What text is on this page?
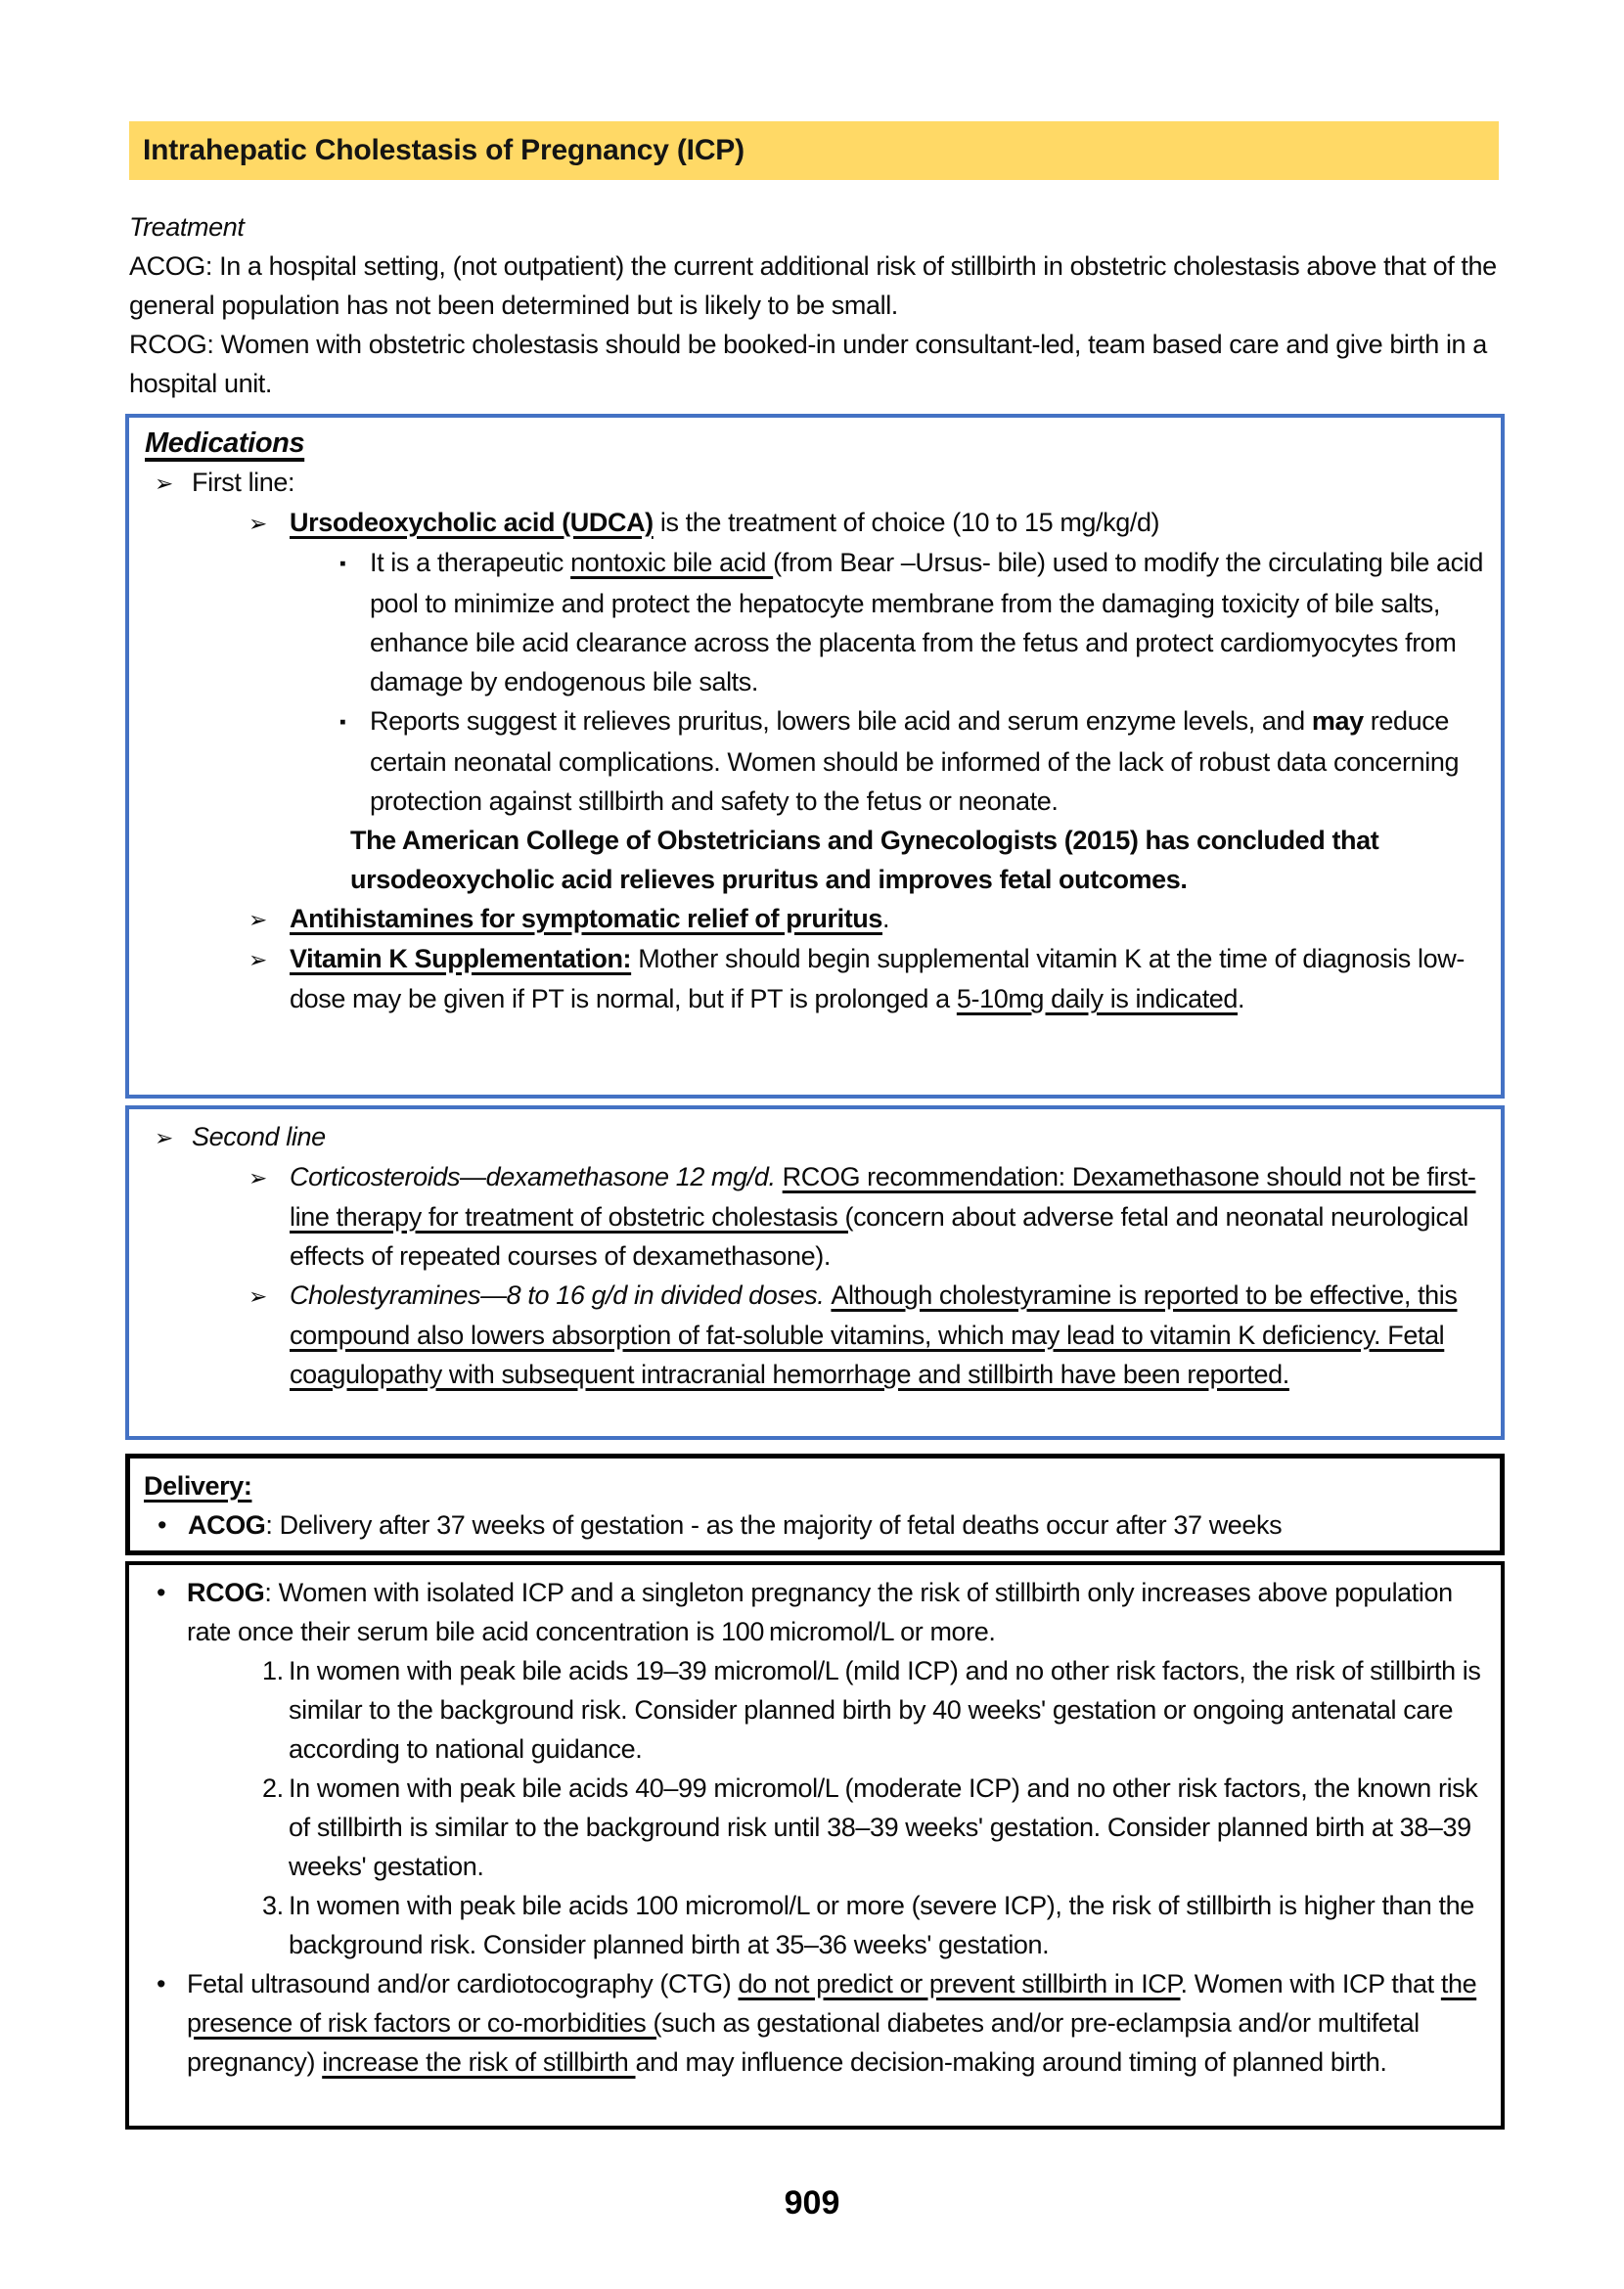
Intrahepatic Cholestasis of Pregnancy (ICP)
Treatment
ACOG: In a hospital setting, (not outpatient) the current additional risk of stillbirth in obstetric cholestasis above that of the general population has not been determined but is likely to be small.
RCOG: Women with obstetric cholestasis should be booked-in under consultant-led, team based care and give birth in a hospital unit.
Medications
➢ First line:
➢ Ursodeoxycholic acid (UDCA) is the treatment of choice (10 to 15 mg/kg/d)
▪ It is a therapeutic nontoxic bile acid (from Bear –Ursus- bile) used to modify the circulating bile acid pool to minimize and protect the hepatocyte membrane from the damaging toxicity of bile salts, enhance bile acid clearance across the placenta from the fetus and protect cardiomyocytes from damage by endogenous bile salts.
▪ Reports suggest it relieves pruritus, lowers bile acid and serum enzyme levels, and may reduce certain neonatal complications. Women should be informed of the lack of robust data concerning protection against stillbirth and safety to the fetus or neonate.
The American College of Obstetricians and Gynecologists (2015) has concluded that ursodeoxycholic acid relieves pruritus and improves fetal outcomes.
➢ Antihistamines for symptomatic relief of pruritus.
➢ Vitamin K Supplementation: Mother should begin supplemental vitamin K at the time of diagnosis low-dose may be given if PT is normal, but if PT is prolonged a 5-10mg daily is indicated.
➢ Second line
➢ Corticosteroids—dexamethasone 12 mg/d. RCOG recommendation: Dexamethasone should not be first-line therapy for treatment of obstetric cholestasis (concern about adverse fetal and neonatal neurological effects of repeated courses of dexamethasone).
➢ Cholestyramines—8 to 16 g/d in divided doses. Although cholestyramine is reported to be effective, this compound also lowers absorption of fat-soluble vitamins, which may lead to vitamin K deficiency. Fetal coagulopathy with subsequent intracranial hemorrhage and stillbirth have been reported.
Delivery:
• ACOG: Delivery after 37 weeks of gestation - as the majority of fetal deaths occur after 37 weeks
• RCOG: Women with isolated ICP and a singleton pregnancy the risk of stillbirth only increases above population rate once their serum bile acid concentration is 100 micromol/L or more.
1. In women with peak bile acids 19–39 micromol/L (mild ICP) and no other risk factors, the risk of stillbirth is similar to the background risk. Consider planned birth by 40 weeks' gestation or ongoing antenatal care according to national guidance.
2. In women with peak bile acids 40–99 micromol/L (moderate ICP) and no other risk factors, the known risk of stillbirth is similar to the background risk until 38–39 weeks' gestation. Consider planned birth at 38–39 weeks' gestation.
3. In women with peak bile acids 100 micromol/L or more (severe ICP), the risk of stillbirth is higher than the background risk. Consider planned birth at 35–36 weeks' gestation.
• Fetal ultrasound and/or cardiotocography (CTG) do not predict or prevent stillbirth in ICP. Women with ICP that the presence of risk factors or co-morbidities (such as gestational diabetes and/or pre-eclampsia and/or multifetal pregnancy) increase the risk of stillbirth and may influence decision-making around timing of planned birth.
909
